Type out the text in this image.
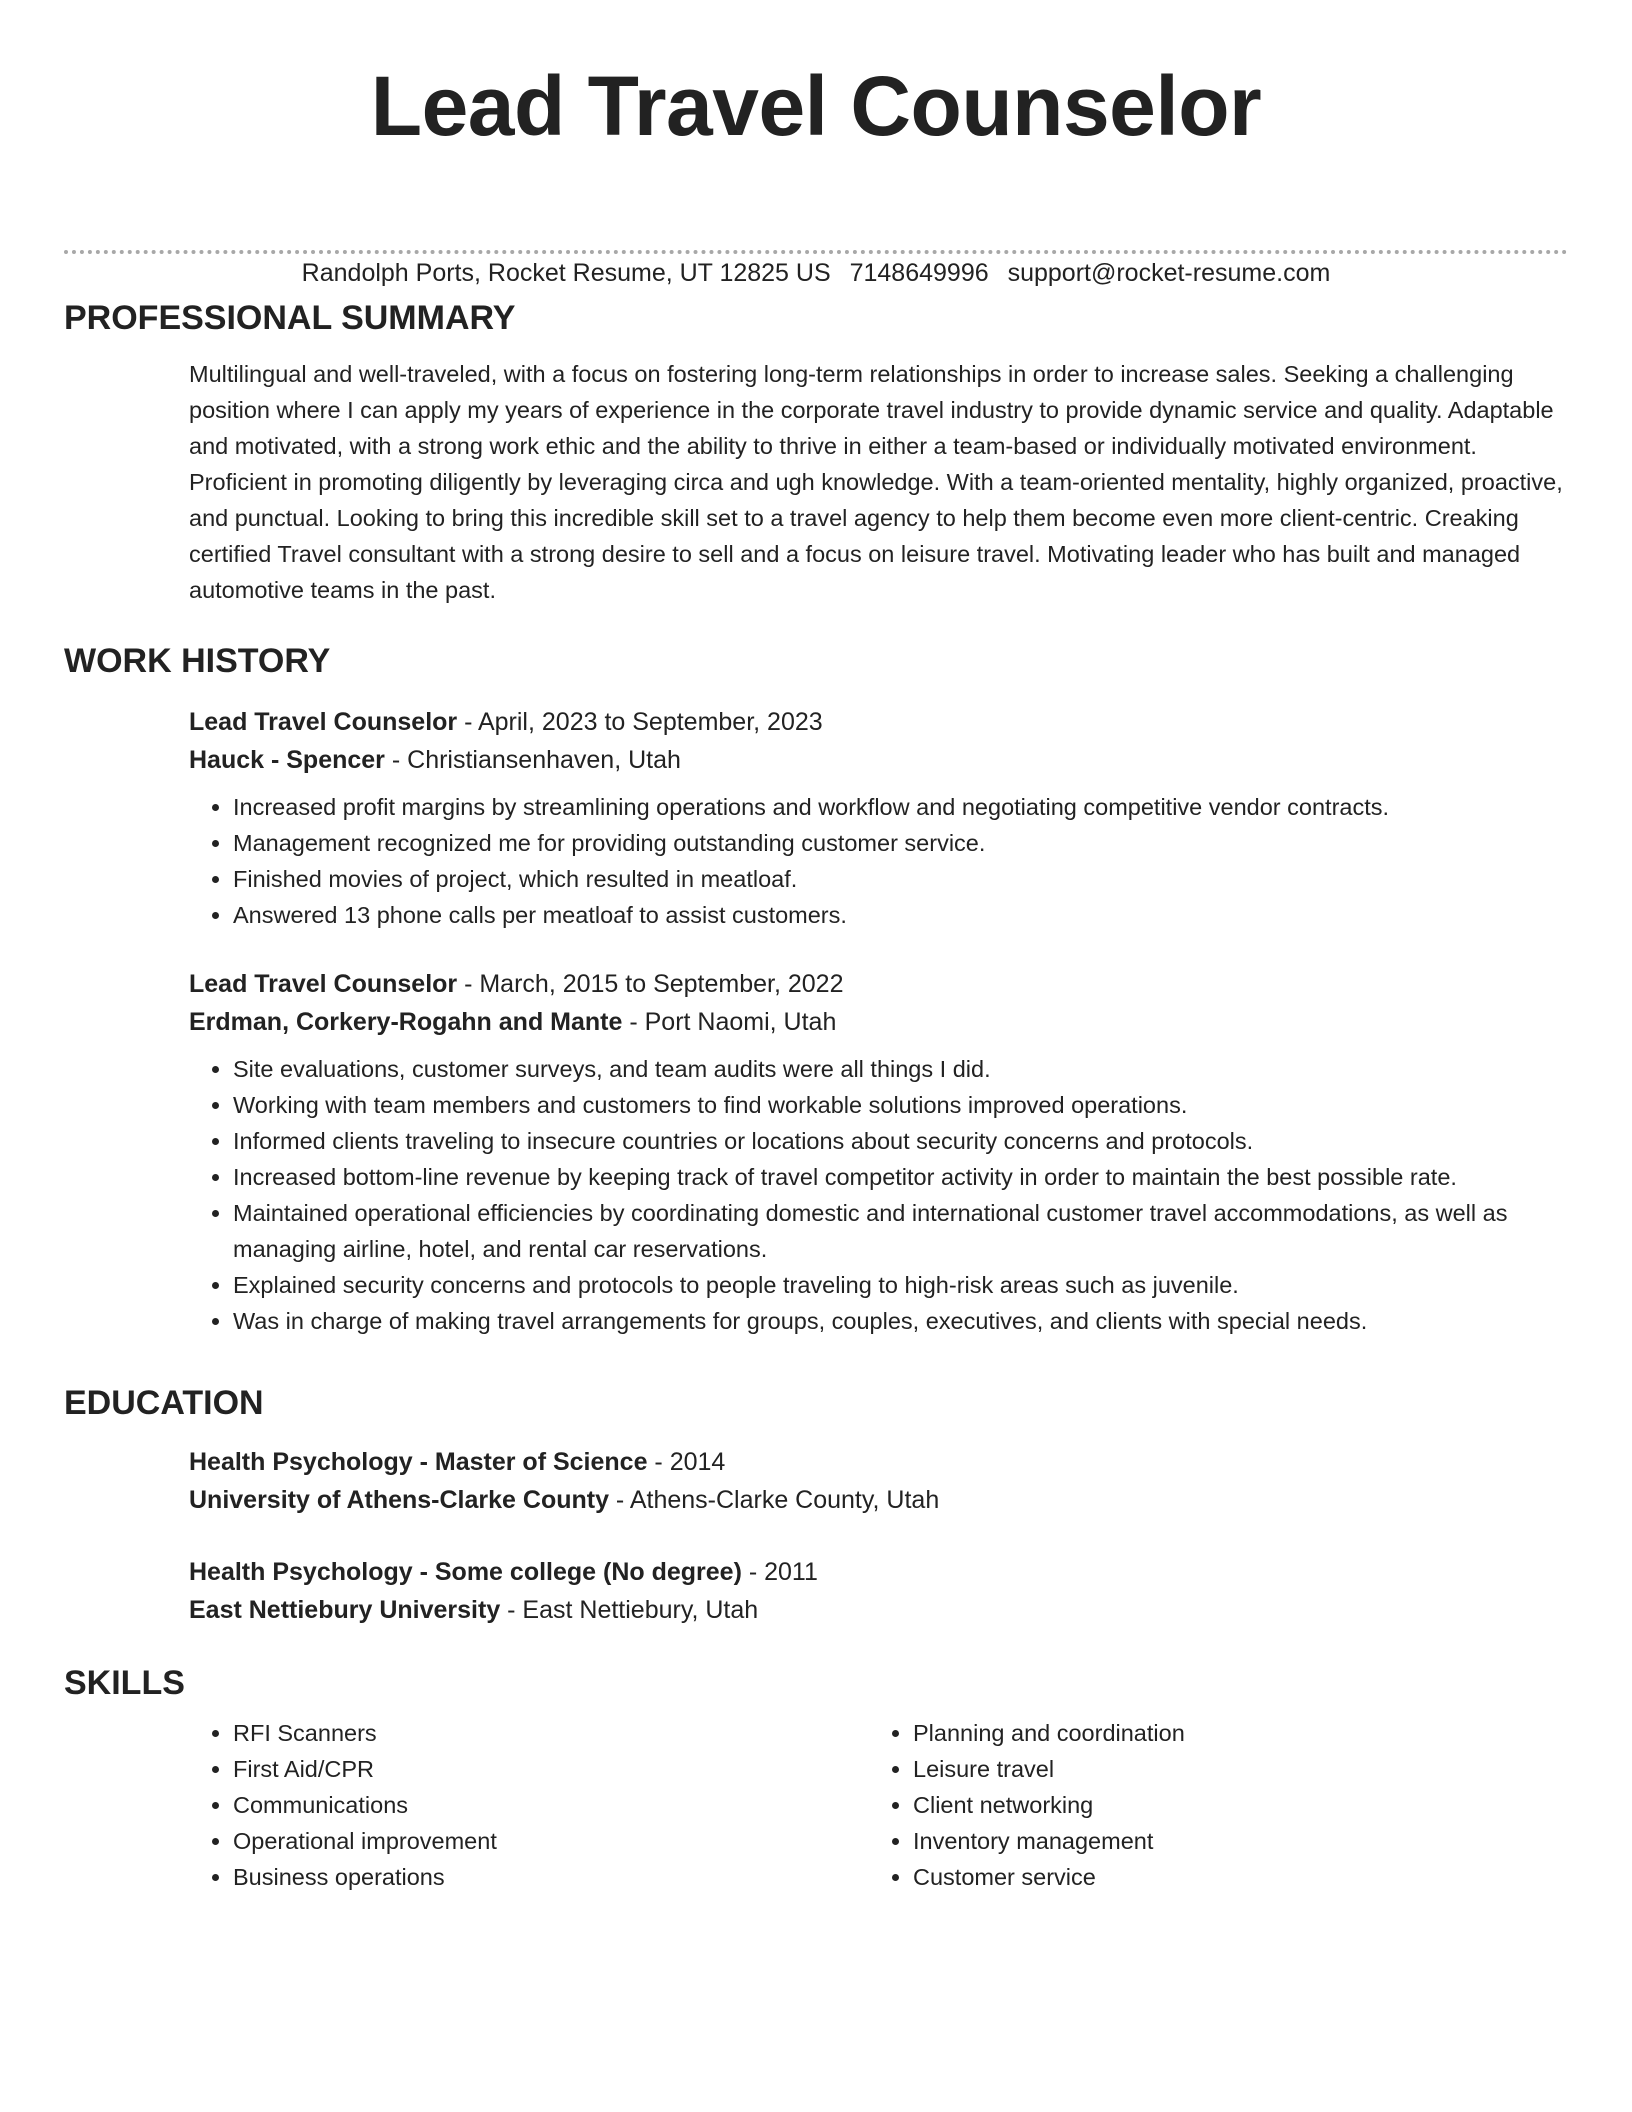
Lead Travel Counselor
Randolph Ports, Rocket Resume, UT 12825 US 7148649996 support@rocket-resume.com
PROFESSIONAL SUMMARY
Multilingual and well-traveled, with a focus on fostering long-term relationships in order to increase sales. Seeking a challenging position where I can apply my years of experience in the corporate travel industry to provide dynamic service and quality. Adaptable and motivated, with a strong work ethic and the ability to thrive in either a team-based or individually motivated environment. Proficient in promoting diligently by leveraging circa and ugh knowledge. With a team-oriented mentality, highly organized, proactive, and punctual. Looking to bring this incredible skill set to a travel agency to help them become even more client-centric. Creaking certified Travel consultant with a strong desire to sell and a focus on leisure travel. Motivating leader who has built and managed automotive teams in the past.
WORK HISTORY
Lead Travel Counselor - April, 2023 to September, 2023
Hauck - Spencer - Christiansenhaven, Utah
• Increased profit margins by streamlining operations and workflow and negotiating competitive vendor contracts.
• Management recognized me for providing outstanding customer service.
• Finished movies of project, which resulted in meatloaf.
• Answered 13 phone calls per meatloaf to assist customers.
Lead Travel Counselor - March, 2015 to September, 2022
Erdman, Corkery-Rogahn and Mante - Port Naomi, Utah
• Site evaluations, customer surveys, and team audits were all things I did.
• Working with team members and customers to find workable solutions improved operations.
• Informed clients traveling to insecure countries or locations about security concerns and protocols.
• Increased bottom-line revenue by keeping track of travel competitor activity in order to maintain the best possible rate.
• Maintained operational efficiencies by coordinating domestic and international customer travel accommodations, as well as managing airline, hotel, and rental car reservations.
• Explained security concerns and protocols to people traveling to high-risk areas such as juvenile.
• Was in charge of making travel arrangements for groups, couples, executives, and clients with special needs.
EDUCATION
Health Psychology - Master of Science - 2014
University of Athens-Clarke County - Athens-Clarke County, Utah
Health Psychology - Some college (No degree) - 2011
East Nettiebury University - East Nettiebury, Utah
SKILLS
• RFI Scanners
• First Aid/CPR
• Communications
• Operational improvement
• Business operations
• Planning and coordination
• Leisure travel
• Client networking
• Inventory management
• Customer service
